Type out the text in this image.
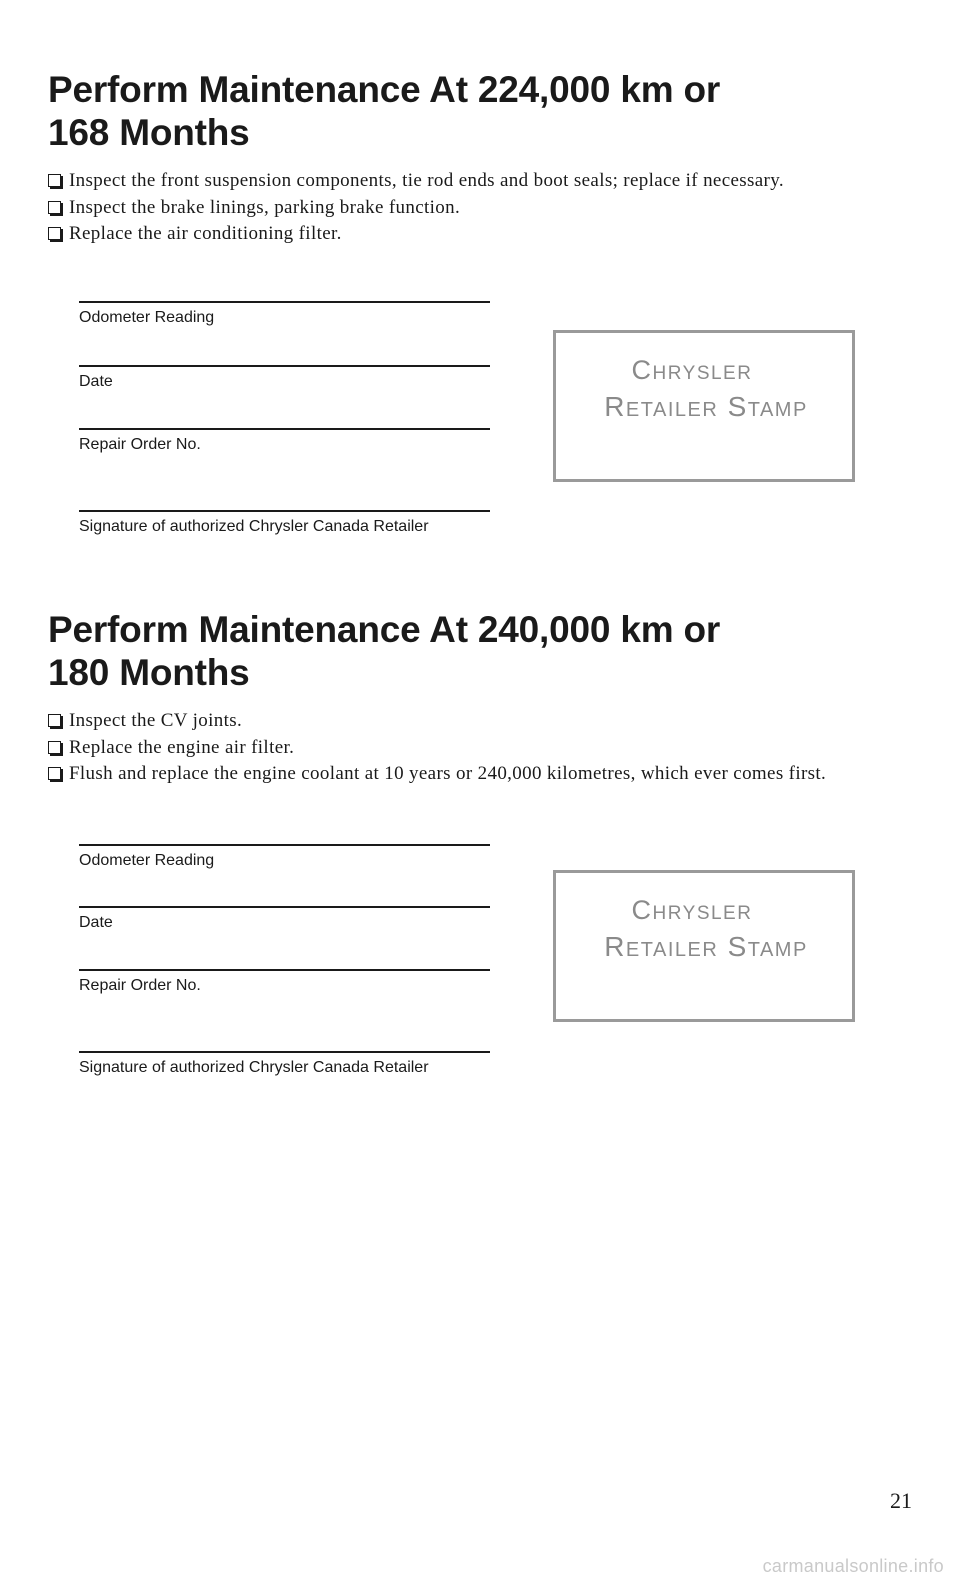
Perform Maintenance At 224,000 km or
168 Months
Inspect the front suspension components, tie rod ends and boot seals; replace if necessary.
Inspect the brake linings, parking brake function.
Replace the air conditioning filter.
Odometer Reading
Date
Repair Order No.
Signature of authorized Chrysler Canada Retailer
Chrysler
Retailer Stamp
Perform Maintenance At 240,000 km or
180 Months
Inspect the CV joints.
Replace the engine air filter.
Flush and replace the engine coolant at 10 years or 240,000 kilometres, which ever comes first.
Odometer Reading
Date
Repair Order No.
Signature of authorized Chrysler Canada Retailer
Chrysler
Retailer Stamp
21
carmanualsonline.info
